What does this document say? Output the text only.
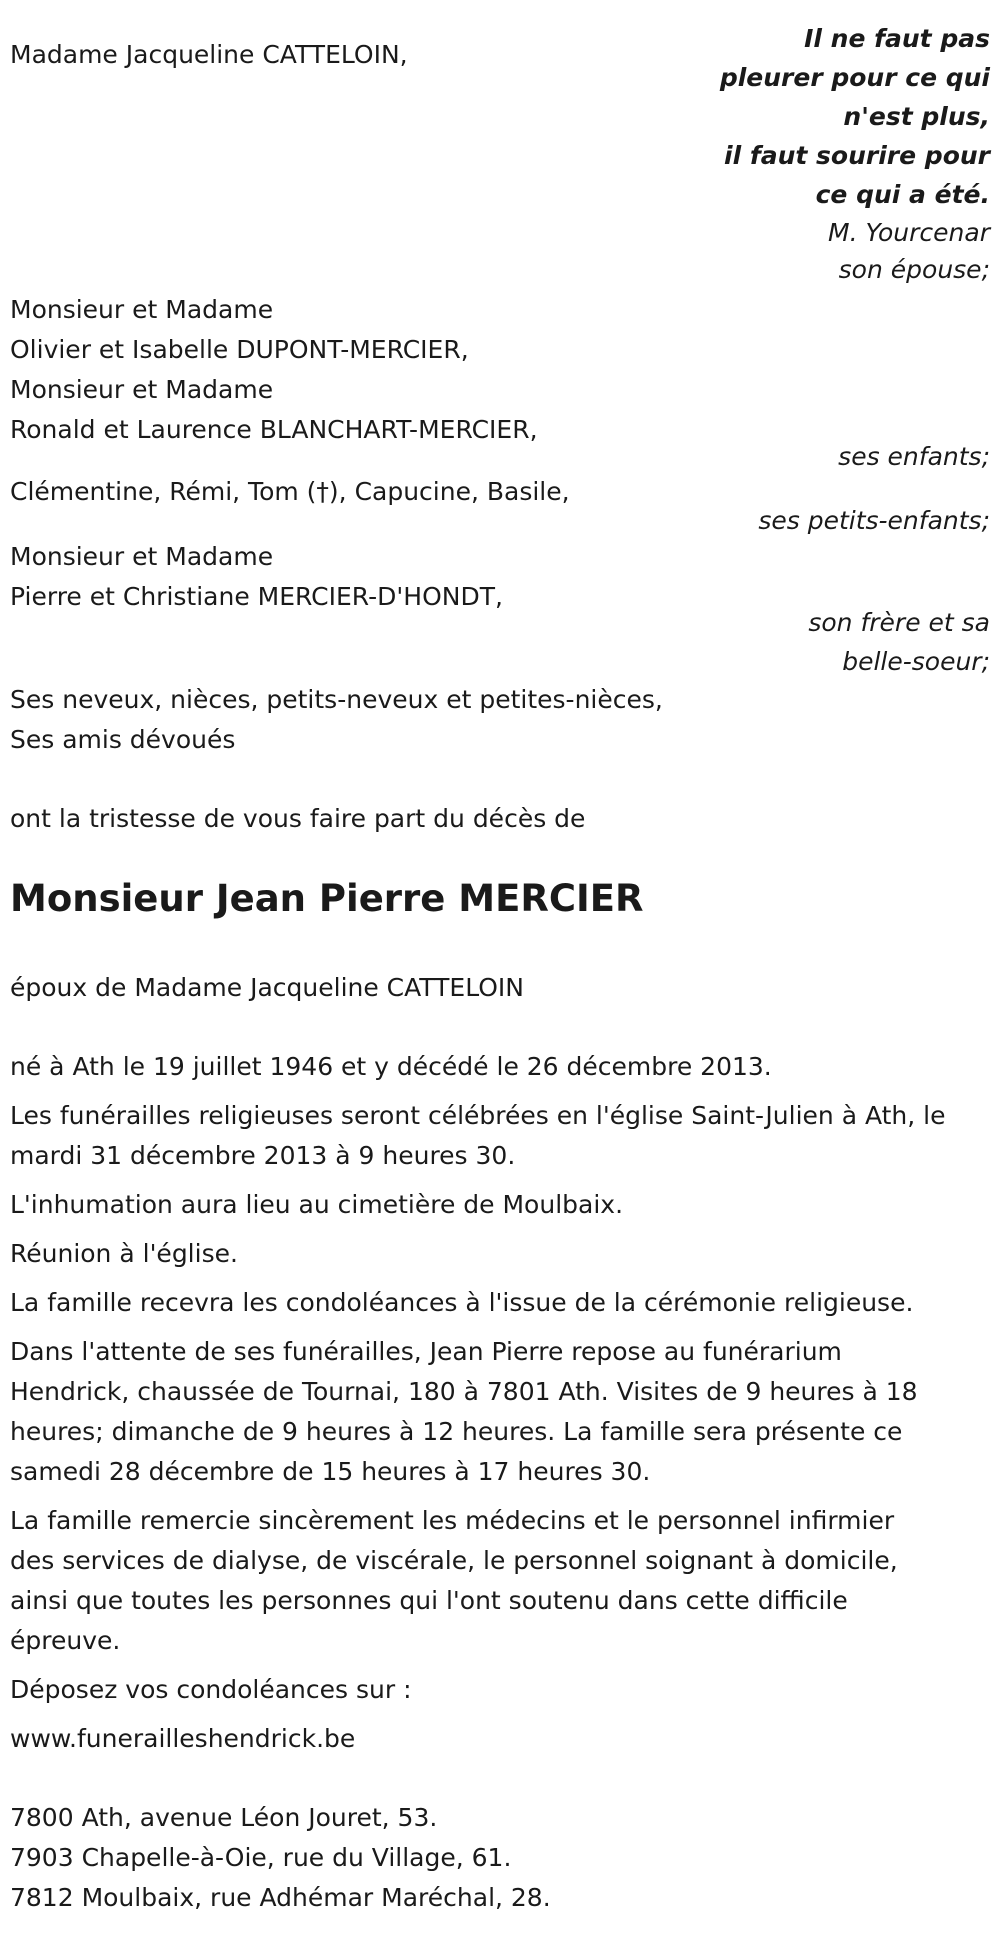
Madame Jacqueline CATTELOIN,

Il ne faut pas

pleurer pour ce qui

n'est plus,

il faut sourire pour

ce qui a été.

M. Yourcenar

son épouse;

Monsieur et Madame

Olivier et Isabelle DUPONT-MERCIER,

Monsieur et Madame

Ronald et Laurence BLANCHART-MERCIER,

ses enfants;

Clémentine, Rémi, Tom (†), Capucine, Basile,

ses petits-enfants;

Monsieur et Madame

Pierre et Christiane MERCIER-D'HONDT,

son frère et sa

belle-soeur;

Ses neveux, nièces, petits-neveux et petites-nièces,

Ses amis dévoués

ont la tristesse de vous faire part du décès de

Monsieur Jean Pierre MERCIER

époux de Madame Jacqueline CATTELOIN

né à Ath le 19 juillet 1946 et y décédé le 26 décembre 2013.

Les funérailles religieuses seront célébrées en l'église Saint-Julien à Ath, le

mardi 31 décembre 2013 à 9 heures 30.

L'inhumation aura lieu au cimetière de Moulbaix.

Réunion à l'église.

La famille recevra les condoléances à l'issue de la cérémonie religieuse.

Dans l'attente de ses funérailles, Jean Pierre repose au funérarium

Hendrick, chaussée de Tournai, 180 à 7801 Ath. Visites de 9 heures à 18

heures; dimanche de 9 heures à 12 heures. La famille sera présente ce

samedi 28 décembre de 15 heures à 17 heures 30.

La famille remercie sincèrement les médecins et le personnel infirmier

des services de dialyse, de viscérale, le personnel soignant à domicile,

ainsi que toutes les personnes qui l'ont soutenu dans cette difficile

épreuve.

Déposez vos condoléances sur :

www.funerailleshendrick.be

7800 Ath, avenue Léon Jouret, 53.

7903 Chapelle-à-Oie, rue du Village, 61.

7812 Moulbaix, rue Adhémar Maréchal, 28.
